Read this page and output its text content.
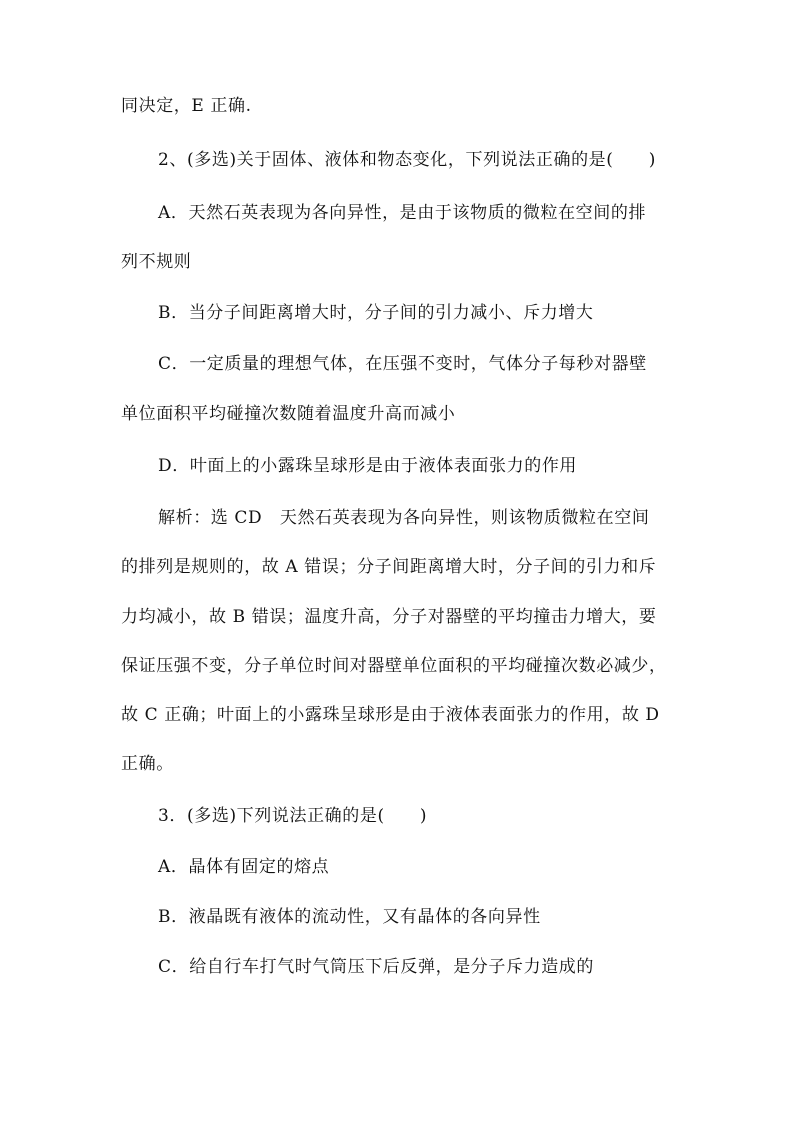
同决定，E 正确.
2、(多选)关于固体、液体和物态变化，下列说法正确的是(　　)
A．天然石英表现为各向异性，是由于该物质的微粒在空间的排
列不规则
B．当分子间距离增大时，分子间的引力减小、斥力增大
C．一定质量的理想气体，在压强不变时，气体分子每秒对器壁
单位面积平均碰撞次数随着温度升高而减小
D．叶面上的小露珠呈球形是由于液体表面张力的作用
解析：选 CD　天然石英表现为各向异性，则该物质微粒在空间
的排列是规则的，故 A 错误；分子间距离增大时，分子间的引力和斥
力均减小，故 B 错误；温度升高，分子对器壁的平均撞击力增大，要
保证压强不变，分子单位时间对器壁单位面积的平均碰撞次数必减少，
故 C 正确；叶面上的小露珠呈球形是由于液体表面张力的作用，故 D
正确。
3．(多选)下列说法正确的是(　　)
A．晶体有固定的熔点
B．液晶既有液体的流动性，又有晶体的各向异性
C．给自行车打气时气筒压下后反弹，是分子斥力造成的
